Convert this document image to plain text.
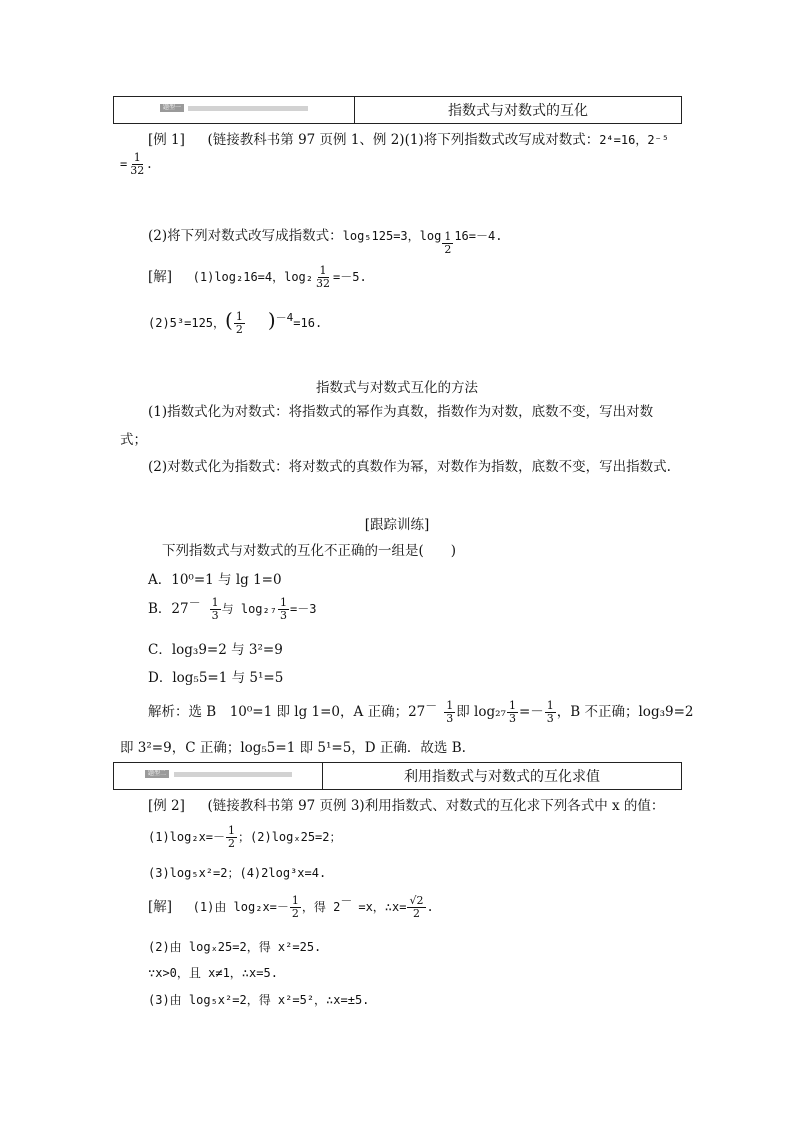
题型一	指数式与对数式的互化
[例 1] (链接教科书第 97 页例 1、例 2)(1)将下列指数式改写成对数式：2⁴=16，2⁻⁵
= $\frac{1}{32}$ .
(2)将下列对数式改写成指数式：log₅125=3，$\log \frac{1}{2} 16=-4$.
[解] (1)log₂16=4，$\log_2 \frac{1}{32} =-5$.
(2)5³=125，( $\frac{1}{2} )^{-4}=16$.
指数式与对数式互化的方法
(1)指数式化为对数式：将指数式的幂作为真数，指数作为对数，底数不变，写出对数式；
(2)对数式化为指数式：将对数式的真数作为幂，对数作为指数，底数不变，写出指数式.
[跟踪训练]
下列指数式与对数式的互化不正确的一组是(　　)
A．10⁰=1 与 lg 1=0
B．$27^- \frac{1}{3}$ 与 $\log_{27} \frac{1}{3} =-3$
C．log₃9=2 与 3²=9
D．log₅5=1 与 5¹=5
解析：选 B　10⁰=1 即 lg 1=0，A 正确；$27^- \frac{1}{3}$ 即 $\log_{27} \frac{1}{3} =- \frac{1}{3}$ ，B 不正确；log₃9=2
即 3²=9，C 正确；log₅5=1 即 5¹=5，D 正确．故选 B.
题型二	利用指数式与对数式的互化求值
[例 2] (链接教科书第 97 页例 3)利用指数式、对数式的互化求下列各式中 x 的值：
$(1)\log_2x=- \frac{1}{2}$ ；(2)logₓ25=2；
(3)log₅x²=2；(4)2log³x=4.
[解] (1)由 $\log_2x=- \frac{1}{2}$ ，得 2－ =x，∴x= $\frac{√2}{2}$ .
(2)由 logₓ25=2，得 x²=25.
∵x>0，且 x≠1，∴x=5.
(3)由 log₅x²=2，得 x²=5²，∴x=±5.
